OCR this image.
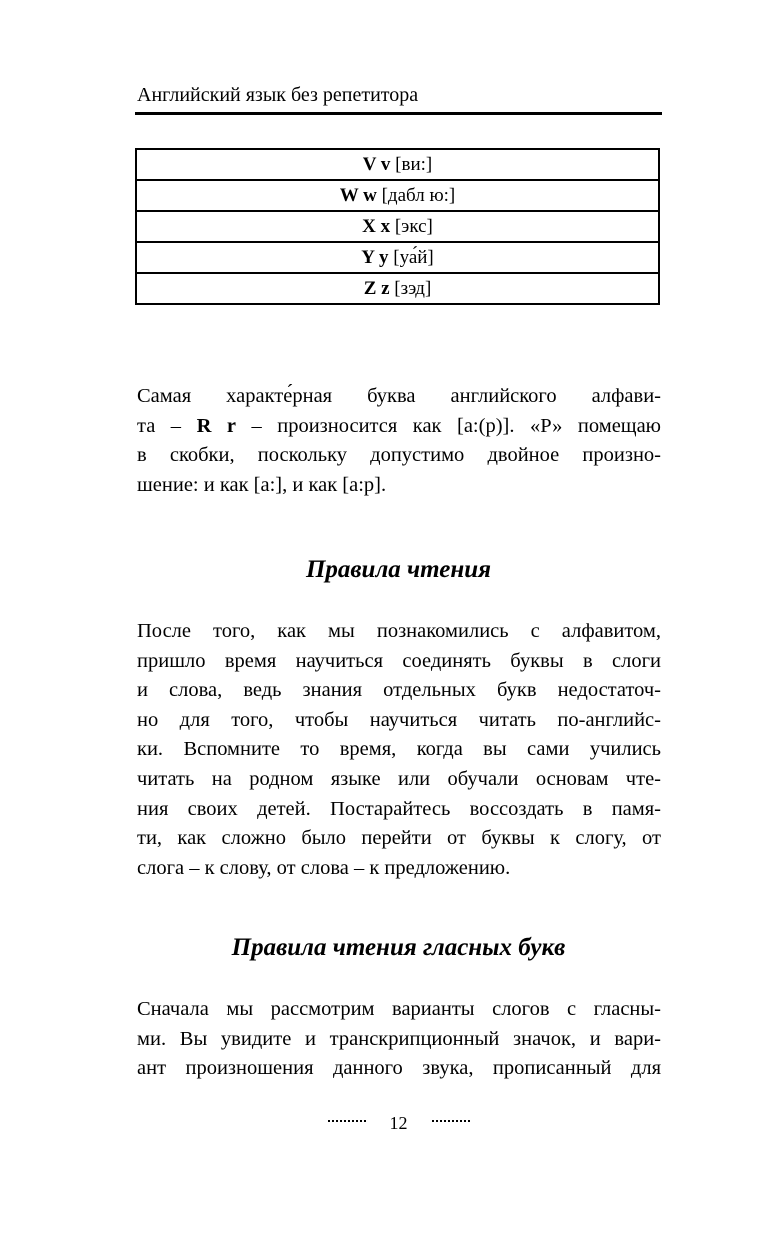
Английский язык без репетитора
V v [ви:]
W w [дабл ю:]
X x [экс]
Y y [уа́й]
Z z [зэд]
Самая характе́рная буква английского алфави-
та – R r – произносится как [а:(р)]. «Р» помещаю
в скобки, поскольку допустимо двойное произно-
шение: и как [а:], и как [а:р].
Правила чтения
После того, как мы познакомились с алфавитом,
пришло время научиться соединять буквы в слоги
и слова, ведь знания отдельных букв недостаточ-
но для того, чтобы научиться читать по-английс-
ки. Вспомните то время, когда вы сами учились
читать на родном языке или обучали основам чте-
ния своих детей. Постарайтесь воссоздать в памя-
ти, как сложно было перейти от буквы к слогу, от
слога – к слову, от слова – к предложению.
Правила чтения гласных букв
Сначала мы рассмотрим варианты слогов с гласны-
ми. Вы увидите и транскрипционный значок, и вари-
ант произношения данного звука, прописанный для
12
